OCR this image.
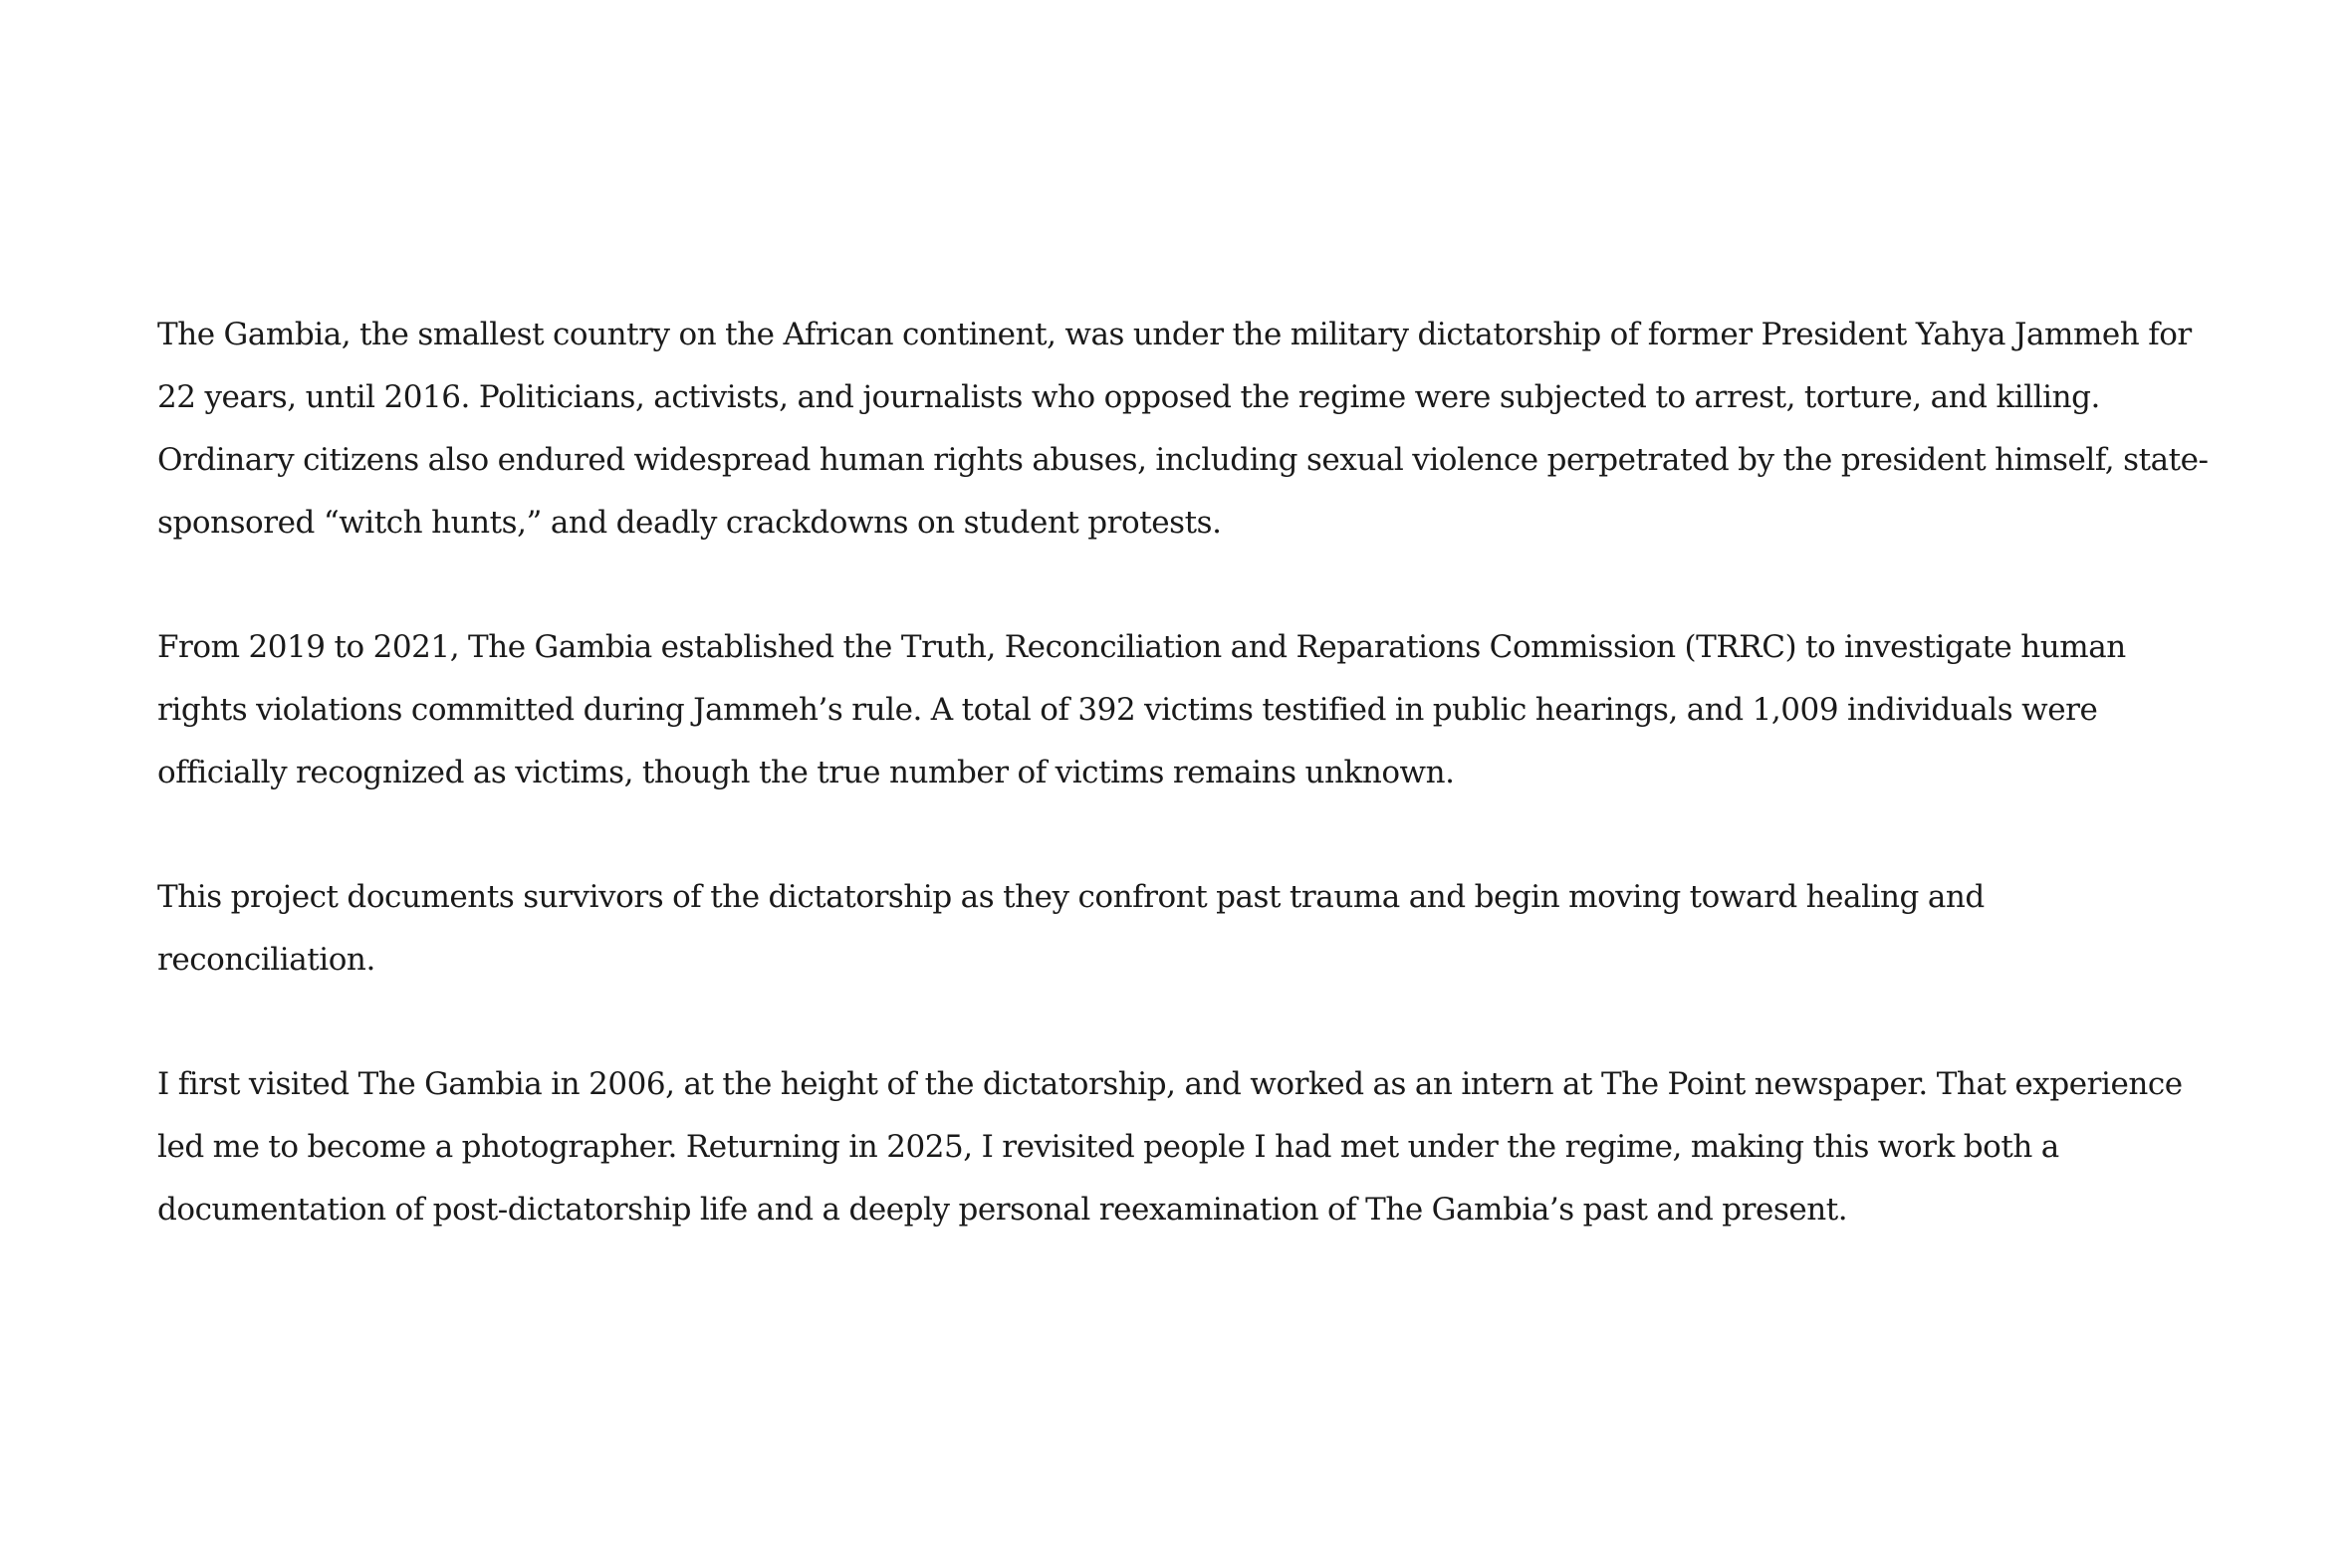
The Gambia, the smallest country on the African continent, was under the military dictatorship of former President Yahya Jammeh for 22 years, until 2016. Politicians, activists, and journalists who opposed the regime were subjected to arrest, torture, and killing. Ordinary citizens also endured widespread human rights abuses, including sexual violence perpetrated by the president himself, state-sponsored “witch hunts,” and deadly crackdowns on student protests.

From 2019 to 2021, The Gambia established the Truth, Reconciliation and Reparations Commission (TRRC) to investigate human rights violations committed during Jammeh’s rule. A total of 392 victims testified in public hearings, and 1,009 individuals were officially recognized as victims, though the true number of victims remains unknown.

This project documents survivors of the dictatorship as they confront past trauma and begin moving toward healing and reconciliation.

I first visited The Gambia in 2006, at the height of the dictatorship, and worked as an intern at The Point newspaper. That experience led me to become a photographer. Returning in 2025, I revisited people I had met under the regime, making this work both a documentation of post-dictatorship life and a deeply personal reexamination of The Gambia’s past and present.
